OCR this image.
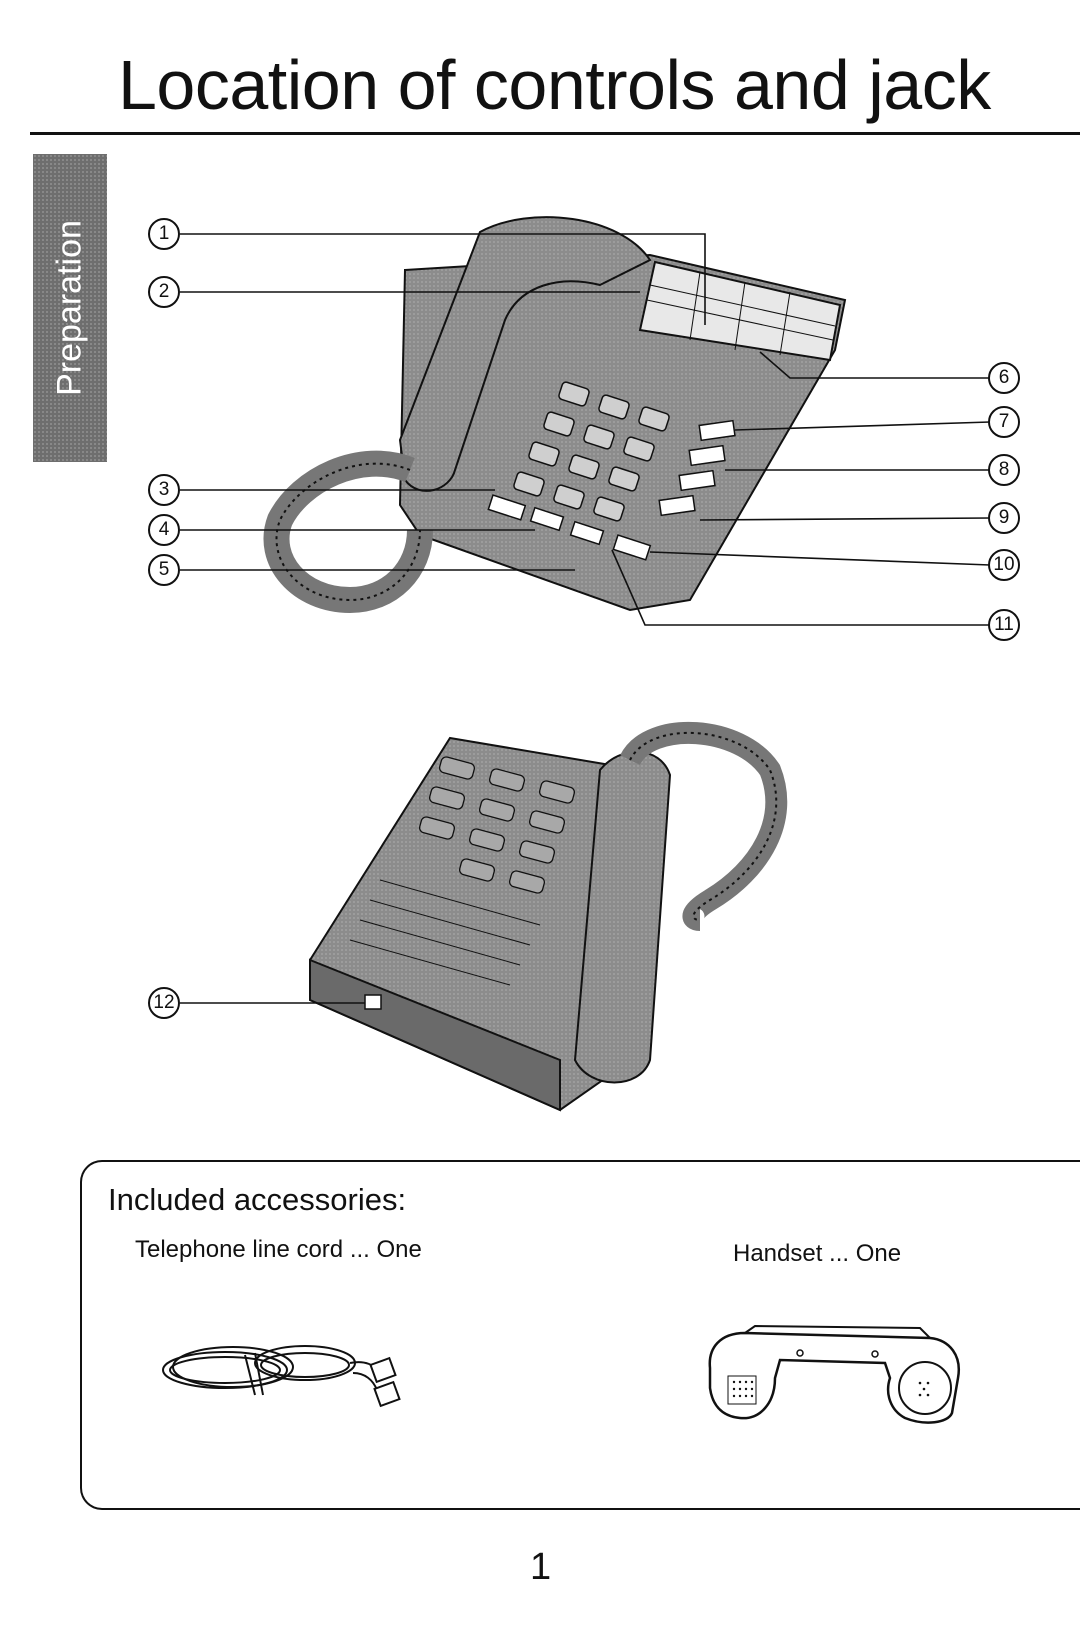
Location of controls and jack
Preparation	1
2
3
4
5
6
7
8
9
10
11
12
Included accessories:
Telephone line cord ... One	Handset ... One
1
